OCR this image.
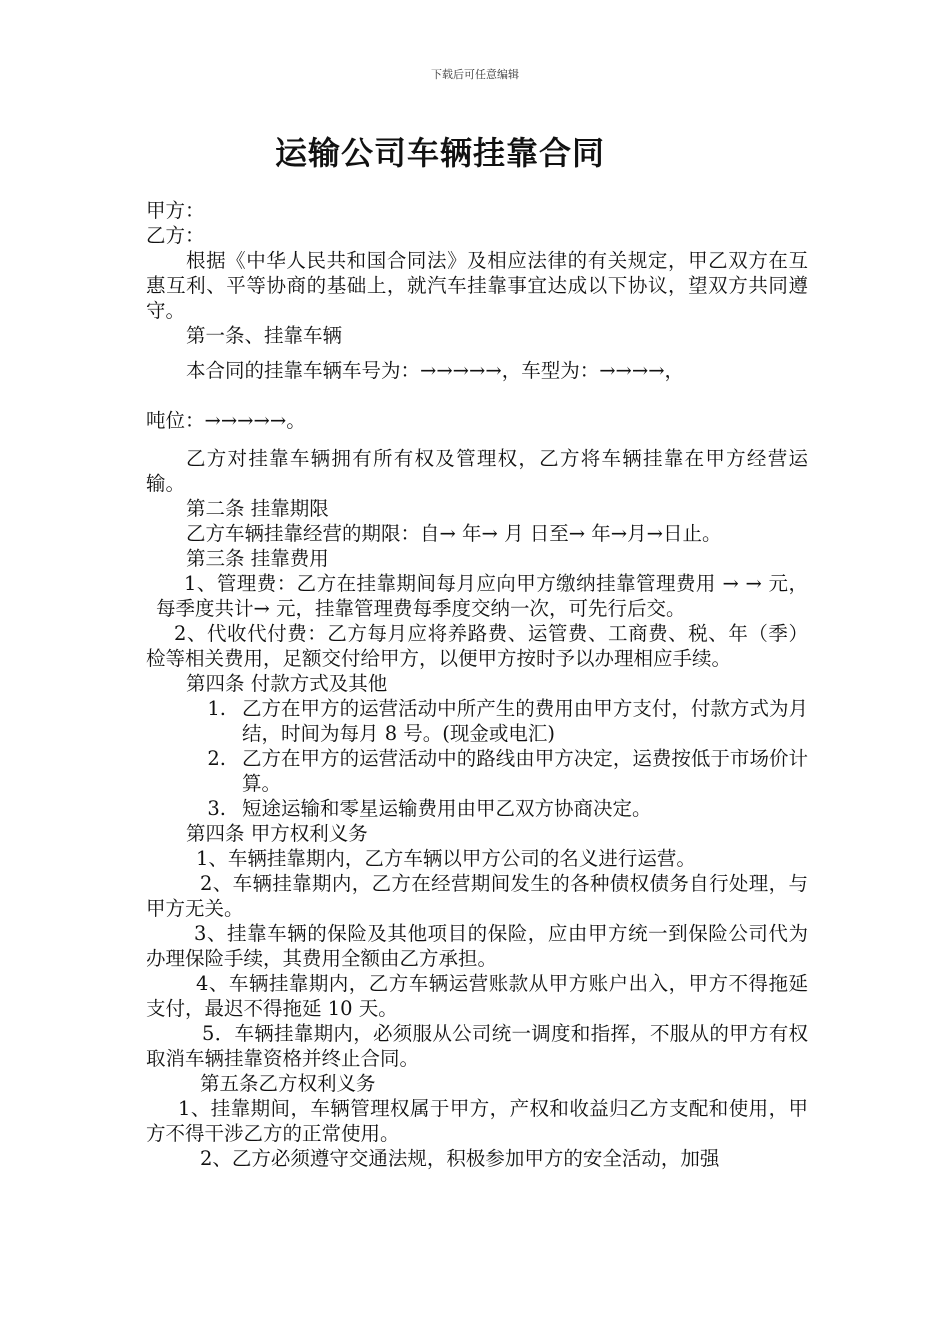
下载后可任意编辑
运输公司车辆挂靠合同

甲方：

乙方：

根据《中华人民共和国合同法》及相应法律的有关规定，甲乙双方在互惠互利、平等协商的基础上，就汽车挂靠事宜达成以下协议，望双方共同遵守。

第一条、挂靠车辆

本合同的挂靠车辆车号为：→→→→→，车型为：→→→→，

吨位：→→→→→。

乙方对挂靠车辆拥有所有权及管理权，乙方将车辆挂靠在甲方经营运输。

第二条 挂靠期限

乙方车辆挂靠经营的期限：自→ 年→ 月 日至→ 年→月→日止。

第三条 挂靠费用

1、管理费：乙方在挂靠期间每月应向甲方缴纳挂靠管理费用 → → 元，每季度共计→ 元，挂靠管理费每季度交纳一次，可先行后交。

2、代收代付费：乙方每月应将养路费、运管费、工商费、税、年（季）检等相关费用，足额交付给甲方，以便甲方按时予以办理相应手续。

第四条 付款方式及其他

1. 乙方在甲方的运营活动中所产生的费用由甲方支付，付款方式为月结，时间为每月 8 号。(现金或电汇)
2. 乙方在甲方的运营活动中的路线由甲方决定，运费按低于市场价计算。
3. 短途运输和零星运输费用由甲乙双方协商决定。

第四条 甲方权利义务

1、车辆挂靠期内，乙方车辆以甲方公司的名义进行运营。

2、车辆挂靠期内，乙方在经营期间发生的各种债权债务自行处理，与甲方无关。

3、挂靠车辆的保险及其他项目的保险，应由甲方统一到保险公司代为办理保险手续，其费用全额由乙方承担。

4、车辆挂靠期内，乙方车辆运营账款从甲方账户出入，甲方不得拖延支付，最迟不得拖延 10 天。

5．车辆挂靠期内，必须服从公司统一调度和指挥，不服从的甲方有权取消车辆挂靠资格并终止合同。

第五条乙方权利义务

1、挂靠期间，车辆管理权属于甲方，产权和收益归乙方支配和使用，甲方不得干涉乙方的正常使用。

2、乙方必须遵守交通法规，积极参加甲方的安全活动，加强
